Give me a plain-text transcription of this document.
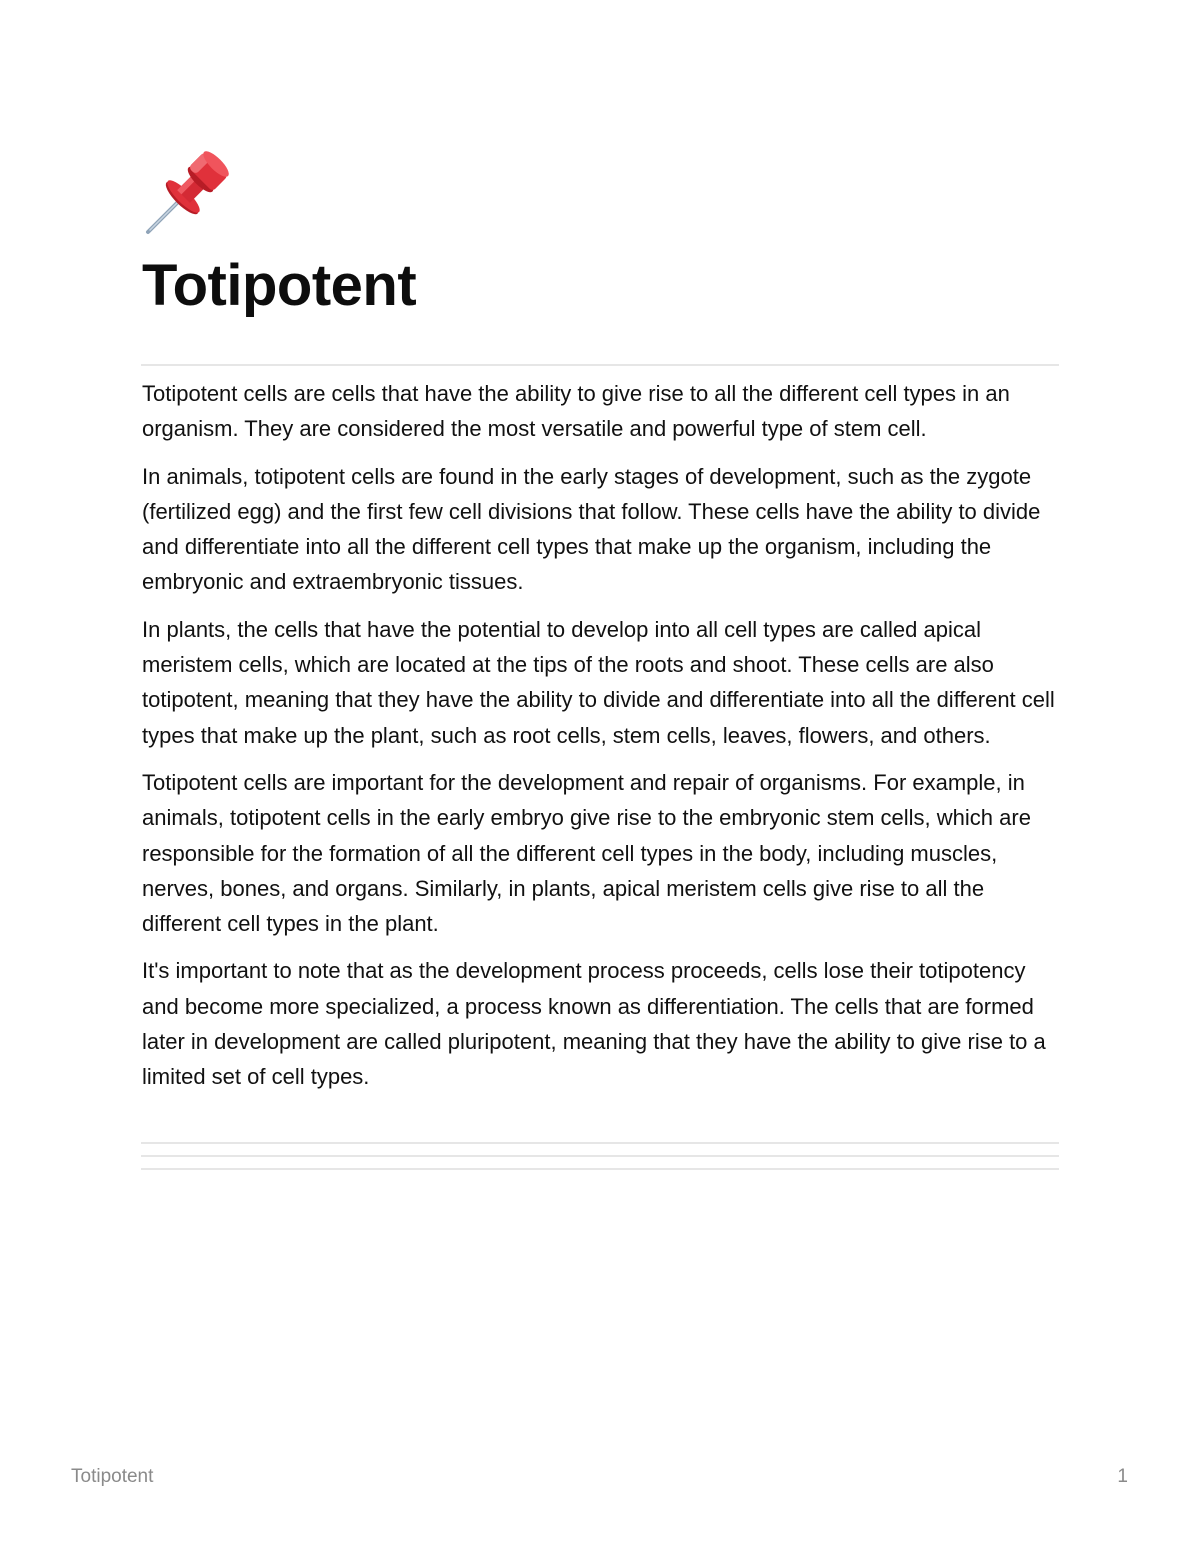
Totipotent

Totipotent cells are cells that have the ability to give rise to all the different cell types in an organism. They are considered the most versatile and powerful type of stem cell.

In animals, totipotent cells are found in the early stages of development, such as the zygote (fertilized egg) and the first few cell divisions that follow. These cells have the ability to divide and differentiate into all the different cell types that make up the organism, including the embryonic and extraembryonic tissues.

In plants, the cells that have the potential to develop into all cell types are called apical meristem cells, which are located at the tips of the roots and shoot. These cells are also totipotent, meaning that they have the ability to divide and differentiate into all the different cell types that make up the plant, such as root cells, stem cells, leaves, flowers, and others.

Totipotent cells are important for the development and repair of organisms. For example, in animals, totipotent cells in the early embryo give rise to the embryonic stem cells, which are responsible for the formation of all the different cell types in the body, including muscles, nerves, bones, and organs. Similarly, in plants, apical meristem cells give rise to all the different cell types in the plant.

It's important to note that as the development process proceeds, cells lose their totipotency and become more specialized, a process known as differentiation. The cells that are formed later in development are called pluripotent, meaning that they have the ability to give rise to a limited set of cell types.

Totipotent	1
